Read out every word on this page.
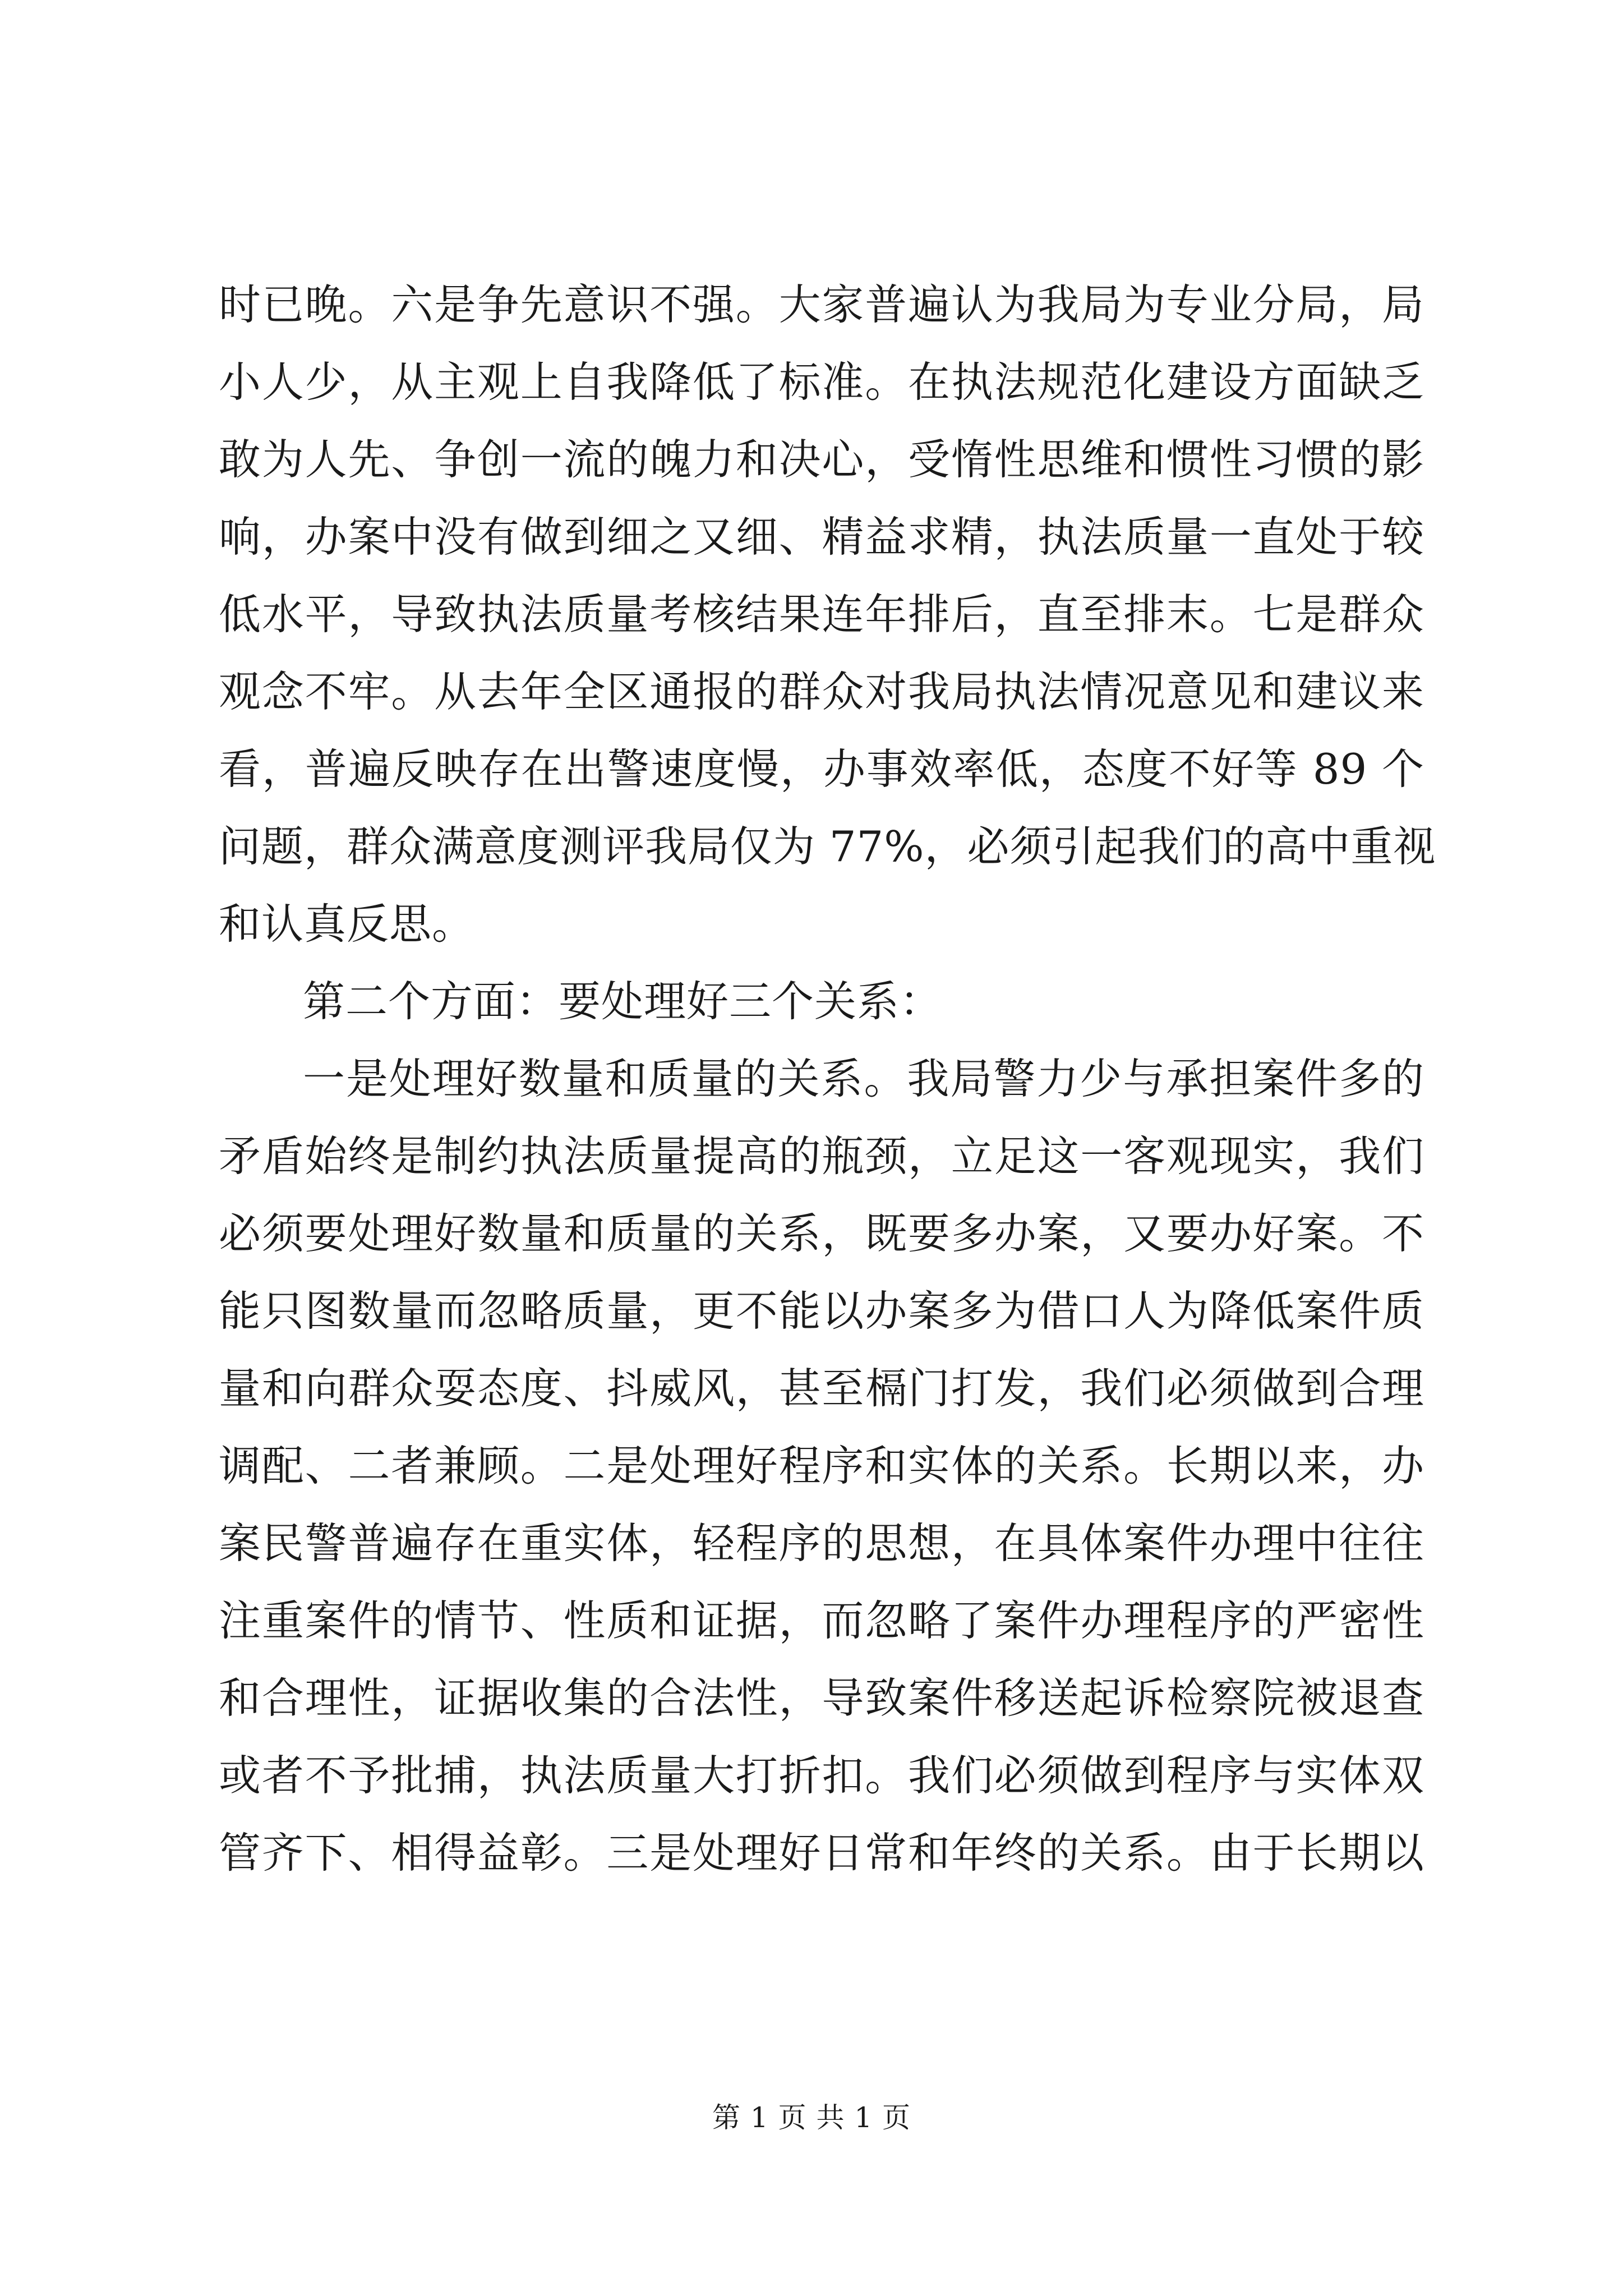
时已晚。六是争先意识不强。大家普遍认为我局为专业分局，局
小人少，从主观上自我降低了标准。在执法规范化建设方面缺乏
敢为人先、争创一流的魄力和决心，受惰性思维和惯性习惯的影
响，办案中没有做到细之又细、精益求精，执法质量一直处于较
低水平，导致执法质量考核结果连年排后，直至排末。七是群众
观念不牢。从去年全区通报的群众对我局执法情况意见和建议来
看，普遍反映存在出警速度慢，办事效率低，态度不好等 89 个
问题，群众满意度测评我局仅为 77%，必须引起我们的高中重视
和认真反思。
第二个方面：要处理好三个关系：
一是处理好数量和质量的关系。我局警力少与承担案件多的
矛盾始终是制约执法质量提高的瓶颈，立足这一客观现实，我们
必须要处理好数量和质量的关系，既要多办案，又要办好案。不
能只图数量而忽略质量，更不能以办案多为借口人为降低案件质
量和向群众耍态度、抖威风，甚至槅门打发，我们必须做到合理
调配、二者兼顾。二是处理好程序和实体的关系。长期以来，办
案民警普遍存在重实体，轻程序的思想，在具体案件办理中往往
注重案件的情节、性质和证据，而忽略了案件办理程序的严密性
和合理性，证据收集的合法性，导致案件移送起诉检察院被退查
或者不予批捕，执法质量大打折扣。我们必须做到程序与实体双
管齐下、相得益彰。三是处理好日常和年终的关系。由于长期以
第 1 页 共 1 页
